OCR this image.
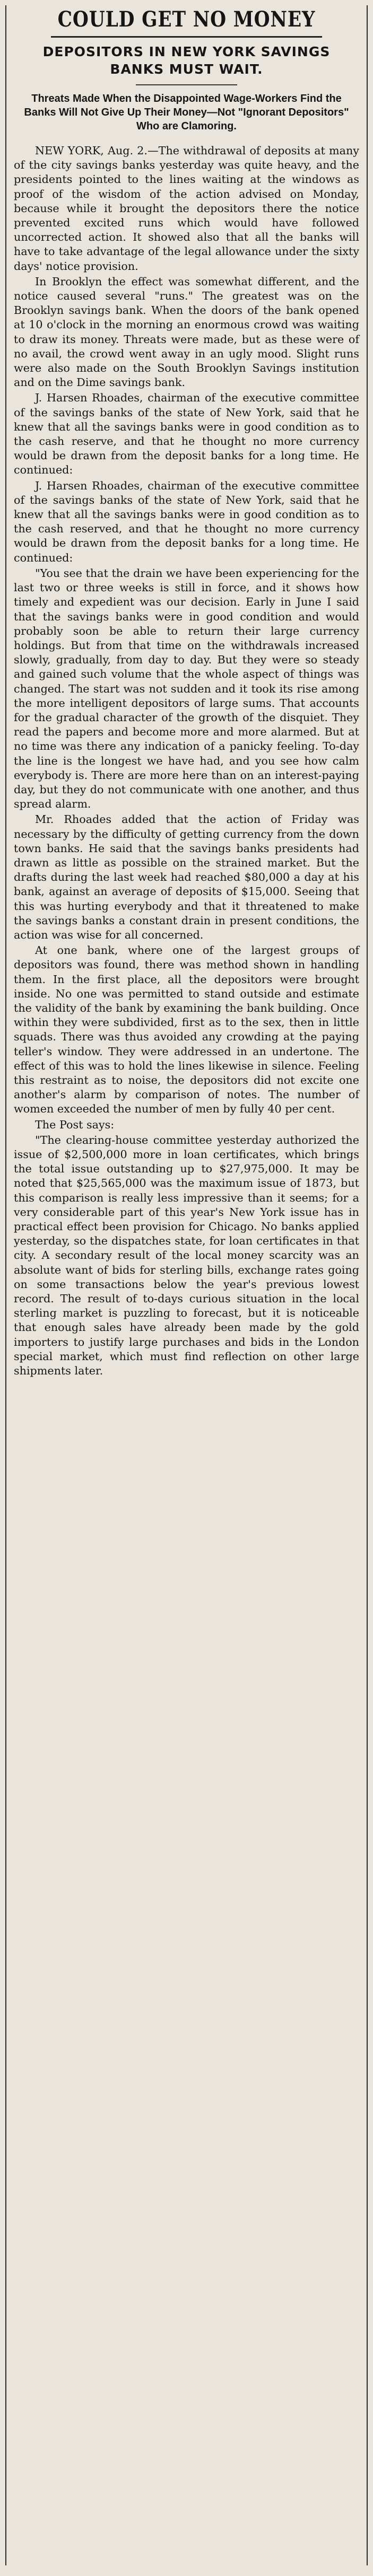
COULD GET NO MONEY
DEPOSITORS IN NEW YORK SAVINGS BANKS MUST WAIT.
Threats Made When the Disappointed Wage-Workers Find the Banks Will Not Give Up Their Money—Not "Ignorant Depositors" Who are Clamoring.

NEW YORK, Aug. 2.—The withdrawal of deposits at many of the city savings banks yesterday was quite heavy, and the presidents pointed to the lines waiting at the windows as proof of the wisdom of the action advised on Monday, because while it brought the depositors there the notice prevented excited runs which would have followed uncorrected action. It showed also that all the banks will have to take advantage of the legal allowance under the sixty days' notice provision.

In Brooklyn the effect was somewhat different, and the notice caused several "runs." The greatest was on the Brooklyn savings bank. When the doors of the bank opened at 10 o'clock in the morning an enormous crowd was waiting to draw its money. Threats were made, but as these were of no avail, the crowd went away in an ugly mood. Slight runs were also made on the South Brooklyn Savings institution and on the Dime savings bank.

J. Harsen Rhoades, chairman of the executive committee of the savings banks of the state of New York, said that he knew that all the savings banks were in good condition as to the cash reserve, and that he thought no more currency would be drawn from the deposit banks for a long time. He continued:

J. Harsen Rhoades, chairman of the executive committee of the savings banks of the state of New York, said that he knew that all the savings banks were in good condition as to the cash reserved, and that he thought no more currency would be drawn from the deposit banks for a long time. He continued:

"You see that the drain we have been experiencing for the last two or three weeks is still in force, and it shows how timely and expedient was our decision. Early in June I said that the savings banks were in good condition and would probably soon be able to return their large currency holdings. But from that time on the withdrawals increased slowly, gradually, from day to day. But they were so steady and gained such volume that the whole aspect of things was changed. The start was not sudden and it took its rise among the more intelligent depositors of large sums. That accounts for the gradual character of the growth of the disquiet. They read the papers and become more and more alarmed. But at no time was there any indication of a panicky feeling. To-day the line is the longest we have had, and you see how calm everybody is. There are more here than on an interest-paying day, but they do not communicate with one another, and thus spread alarm.

Mr. Rhoades added that the action of Friday was necessary by the difficulty of getting currency from the down town banks. He said that the savings banks presidents had drawn as little as possible on the strained market. But the drafts during the last week had reached $80,000 a day at his bank, against an average of deposits of $15,000. Seeing that this was hurting everybody and that it threatened to make the savings banks a constant drain in present conditions, the action was wise for all concerned.

At one bank, where one of the largest groups of depositors was found, there was method shown in handling them. In the first place, all the depositors were brought inside. No one was permitted to stand outside and estimate the validity of the bank by examining the bank building. Once within they were subdivided, first as to the sex, then in little squads. There was thus avoided any crowding at the paying teller's window. They were addressed in an undertone. The effect of this was to hold the lines likewise in silence. Feeling this restraint as to noise, the depositors did not excite one another's alarm by comparison of notes. The number of women exceeded the number of men by fully 40 per cent.

The Post says:

"The clearing-house committee yesterday authorized the issue of $2,500,000 more in loan certificates, which brings the total issue outstanding up to $27,975,000. It may be noted that $25,565,000 was the maximum issue of 1873, but this comparison is really less impressive than it seems; for a very considerable part of this year's New York issue has in practical effect been provision for Chicago. No banks applied yesterday, so the dispatches state, for loan certificates in that city. A secondary result of the local money scarcity was an absolute want of bids for sterling bills, exchange rates going on some transactions below the year's previous lowest record. The result of to-days curious situation in the local sterling market is puzzling to forecast, but it is noticeable that enough sales have already been made by the gold importers to justify large purchases and bids in the London special market, which must find reflection on other large shipments later.
